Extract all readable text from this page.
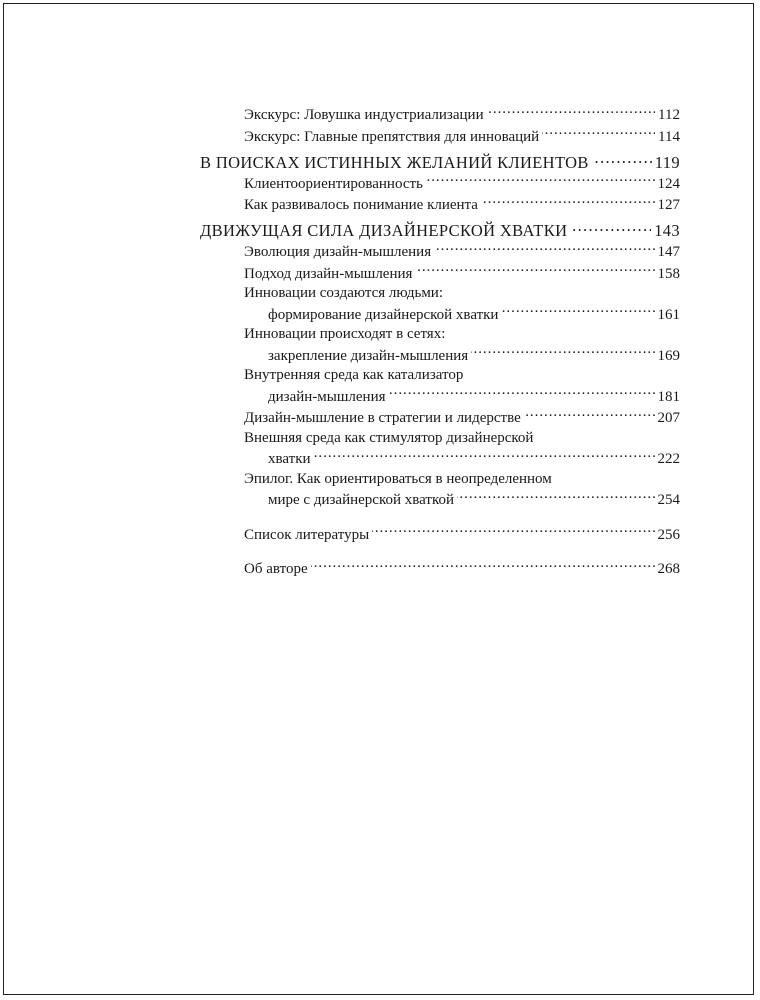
Экскурс: Ловушка индустриализации . . .	112
Экскурс: Главные препятствия для инноваций . . .	114
В ПОИСКАХ ИСТИННЫХ ЖЕЛАНИЙ КЛИЕНТОВ . . .	119
Клиентоориентированность . . .	124
Как развивалось понимание клиента . . .	127
ДВИЖУЩАЯ СИЛА ДИЗАЙНЕРСКОЙ ХВАТКИ . . .	143
Эволюция дизайн-мышления . . .	147
Подход дизайн-мышления . . .	158
Инновации создаются людьми:
формирование дизайнерской хватки . . .	161
Инновации происходят в сетях:
закрепление дизайн-мышления . . .	169
Внутренняя среда как катализатор
дизайн-мышления . . .	181
Дизайн-мышление в стратегии и лидерстве . . .	207
Внешняя среда как стимулятор дизайнерской
хватки . . .	222
Эпилог. Как ориентироваться в неопределенном
мире с дизайнерской хваткой . . .	254
Список литературы . . .	256
Об авторе . . .	268
